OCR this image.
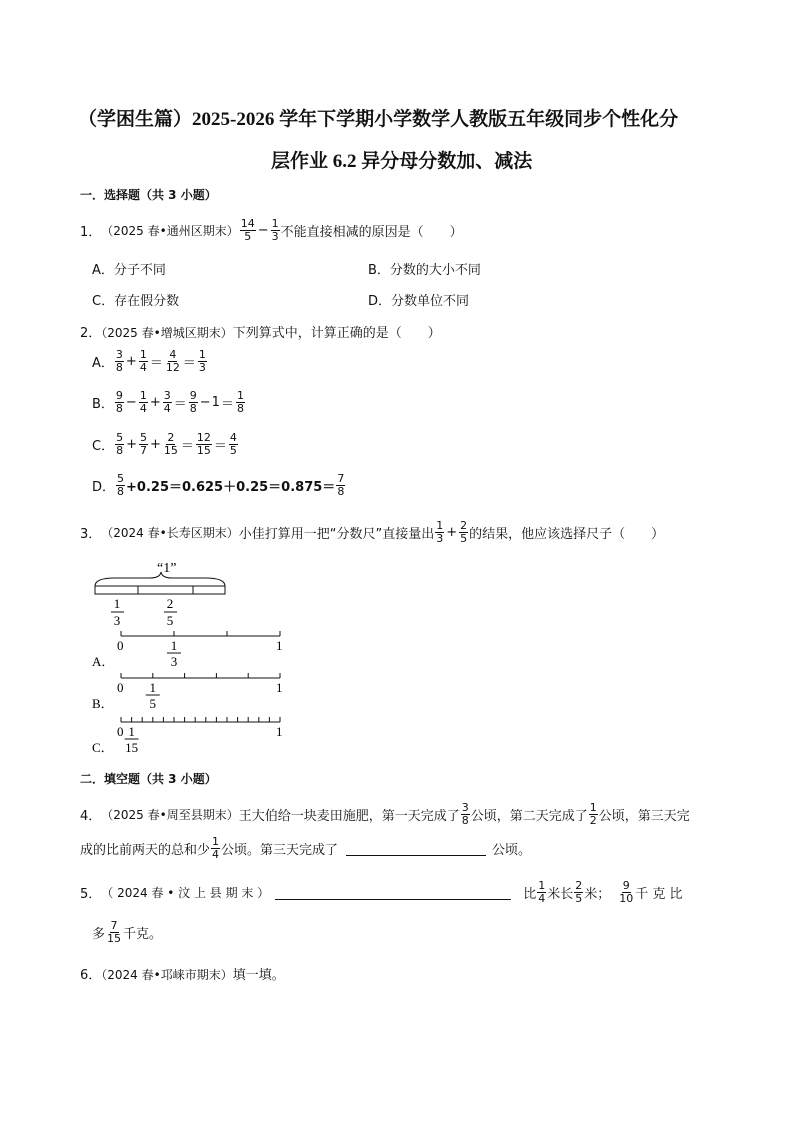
（学困生篇）2025-2026 学年下学期小学数学人教版五年级同步个性化分
层作业 6.2 异分母分数加、减法
一．选择题（共 3 小题）
1． （2025 春•通州区期末） $\frac{14}{5} - \frac{1}{3}$ 不能直接相减的原因是（　　）
A．分子不同	B．分数的大小不同
C．存在假分数	D．分数单位不同
2．（2025 春•增城区期末）下列算式中，计算正确的是（　　）
A． $\frac{3}{8} + \frac{1}{4} = \frac{4}{12} = \frac{1}{3}$
B． $\frac{9}{8} - \frac{1}{4} + \frac{3}{4} = \frac{9}{8} - 1 = \frac{1}{8}$
C． $\frac{5}{8} + \frac{5}{7} + \frac{2}{15} = \frac{12}{15} = \frac{4}{5}$
D． $\frac{5}{8} +0.25=0.625+0.25=0.875= \frac{7}{8}$
3． （2024 春•长寿区期末） 小佳打算用一把“分数尺”直接量出 $\frac{1}{3} + \frac{2}{5}$ 的结果，他应该选择尺子（　　）
“1”
1
3
2
5
0	1
1
3
A．
0	1
1
5
B．
0	1
1
15
C．
二．填空题（共 3 小题）
4． （2025 春•周至县期末） 王大伯给一块麦田施肥，第一天完成了 $\frac{3}{8}$ 公顷，第二天完成了 $\frac{1}{2}$ 公顷，第三天完
成的比前两天的总和少 $\frac{1}{4}$ 公顷。第三天完成了	公顷。
5． （ 2024 春 • 汶 上 县 期 末 ）	比 $\frac{1}{4}$ 米长 $\frac{2}{5}$ 米； $\frac{9}{10}$ 千 克 比
多 $\frac{7}{15}$ 千克。
6．（2024 春•邛崃市期末）填一填。
